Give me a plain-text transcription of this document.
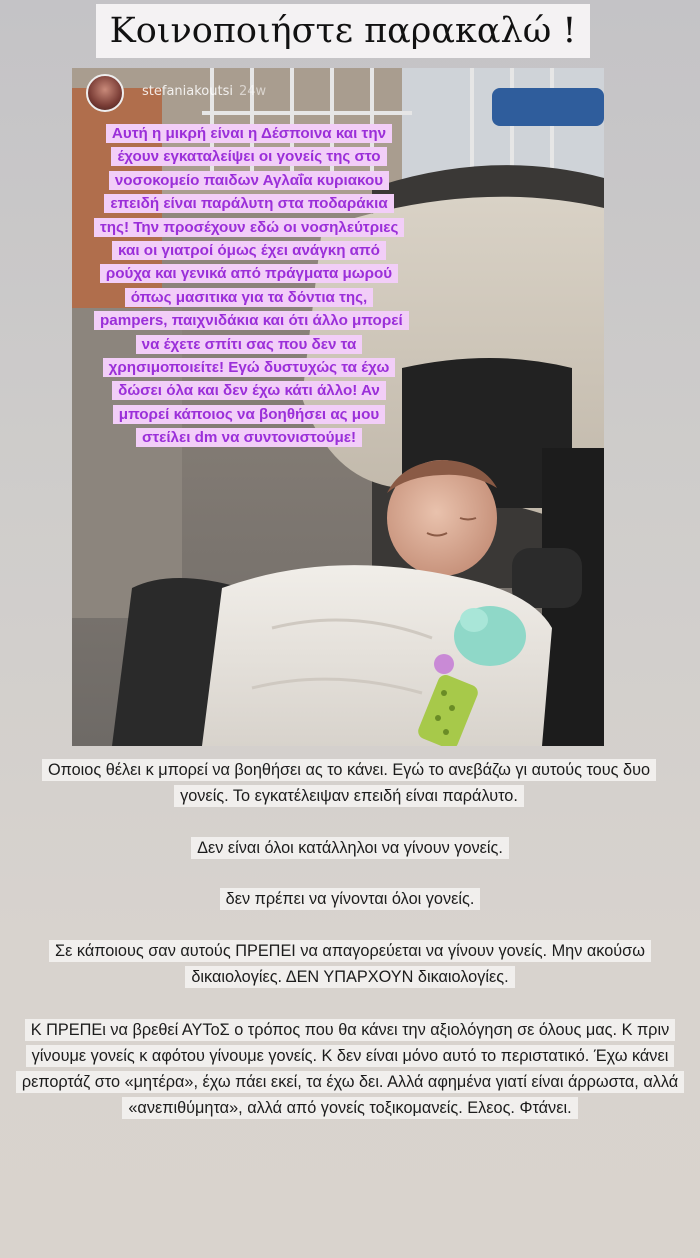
Κοινοποιήστε παρακαλώ !
stefaniakoutsi 24w
Αυτή η μικρή είναι η Δέσποινα και την έχουν εγκαταλείψει οι γονείς της στο νοσοκομείο παιδων Αγλαΐα κυριακου επειδή είναι παράλυτη στα ποδαράκια της! Την προσέχουν εδώ οι νοσηλεύτριες και οι γιατροί όμως έχει ανάγκη από ρούχα και γενικά από πράγματα μωρού όπως μασιτικα για τα δόντια της, pampers, παιχνιδάκια και ότι άλλο μπορεί να έχετε σπίτι σας που δεν τα χρησιμοποιείτε! Εγώ δυστυχώς τα έχω δώσει όλα και δεν έχω κάτι άλλο! Αν μπορεί κάποιος να βοηθήσει ας μου στείλει dm να συντονιστούμε!
Οποιος θέλει κ μπορεί να βοηθήσει ας το κάνει. Εγώ το ανεβάζω γι αυτούς τους δυο γονείς. Το εγκατέλειψαν επειδή είναι παράλυτο.
Δεν είναι όλοι κατάλληλοι να γίνουν γονείς.
δεν πρέπει να γίνονται όλοι γονείς.
Σε κάποιους σαν αυτούς ΠΡΕΠΕΙ να απαγορεύεται να γίνουν γονείς. Μην ακούσω δικαιολογίες. ΔΕΝ ΥΠΑΡΧΟΥΝ δικαιολογίες.
Κ ΠΡΕΠΕι να βρεθεί ΑΥΤοΣ ο τρόπος που θα κάνει την αξιολόγηση σε όλους μας. Κ πριν γίνουμε γονείς κ αφότου γίνουμε γονείς. Κ δεν είναι μόνο αυτό το περιστατικό. Έχω κάνει ρεπορτάζ στο «μητέρα», έχω πάει εκεί, τα έχω δει. Αλλά αφημένα γιατί είναι άρρωστα, αλλά «ανεπιθύμητα», αλλά από γονείς τοξικομανείς. Ελεος. Φτάνει.
